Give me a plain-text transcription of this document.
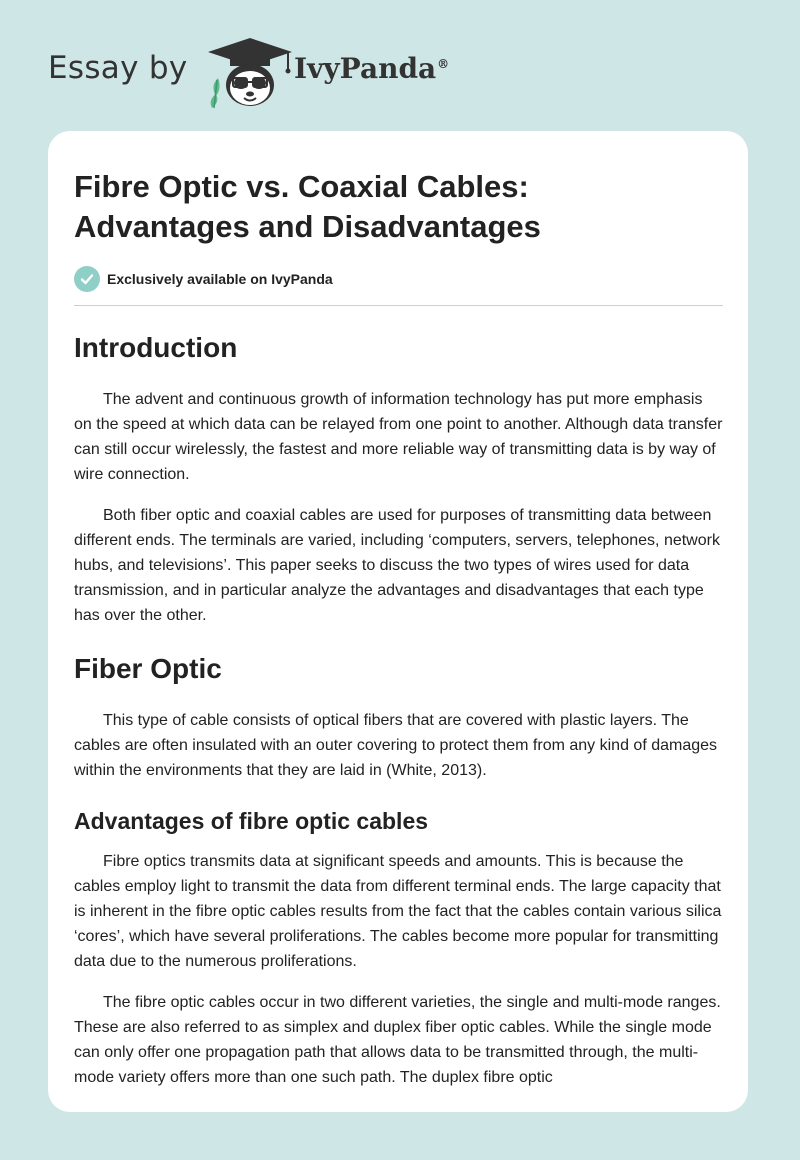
Essay by	IvyPanda®
Fibre Optic vs. Coaxial Cables:
Advantages and Disadvantages
Exclusively available on IvyPanda
Introduction

The advent and continuous growth of information technology has put more emphasis on the speed at which data can be relayed from one point to another. Although data transfer can still occur wirelessly, the fastest and more reliable way of transmitting data is by way of wire connection.

Both fiber optic and coaxial cables are used for purposes of transmitting data between different ends. The terminals are varied, including ‘computers, servers, telephones, network hubs, and televisions’. This paper seeks to discuss the two types of wires used for data transmission, and in particular analyze the advantages and disadvantages that each type has over the other.

Fiber Optic

This type of cable consists of optical fibers that are covered with plastic layers. The cables are often insulated with an outer covering to protect them from any kind of damages within the environments that they are laid in (White, 2013).

Advantages of fibre optic cables

Fibre optics transmits data at significant speeds and amounts. This is because the cables employ light to transmit the data from different terminal ends. The large capacity that is inherent in the fibre optic cables results from the fact that the cables contain various silica ‘cores’, which have several proliferations. The cables become more popular for transmitting data due to the numerous proliferations.

The fibre optic cables occur in two different varieties, the single and multi-mode ranges. These are also referred to as simplex and duplex fiber optic cables. While the single mode can only offer one propagation path that allows data to be transmitted through, the multi-mode variety offers more than one such path. The duplex fibre optic
